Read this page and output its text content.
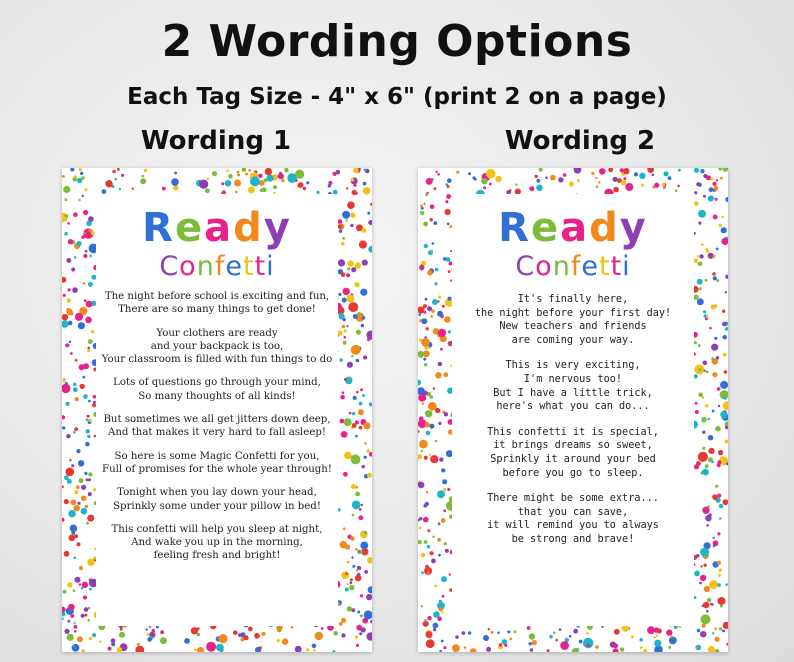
2 Wording Options
Each Tag Size - 4" x 6" (print 2 on a page)
Wording 1	Wording 2
Ready
Confetti
The night before school is exciting and fun,
There are so many things to get done!
Your clothers are ready
and your backpack is too,
Your classroom is filled with fun things to do
Lots of questions go through your mind,
So many thoughts of all kinds!
But sometimes we all get jitters down deep,
And that makes it very hard to fall asleep!
So here is some Magic Confetti for you,
Full of promises for the whole year through!
Tonight when you lay down your head,
Sprinkly some under your pillow in bed!
This confetti will help you sleep at night,
And wake you up in the morning,
feeling fresh and bright!
Ready
Confetti
It's finally here,
the night before your first day!
New teachers and friends
are coming your way.
This is very exciting,
I'm nervous too!
But I have a little trick,
here's what you can do...
This confetti it is special,
it brings dreams so sweet,
Sprinkly it around your bed
before you go to sleep.
There might be some extra...
that you can save,
it will remind you to always
be strong and brave!
